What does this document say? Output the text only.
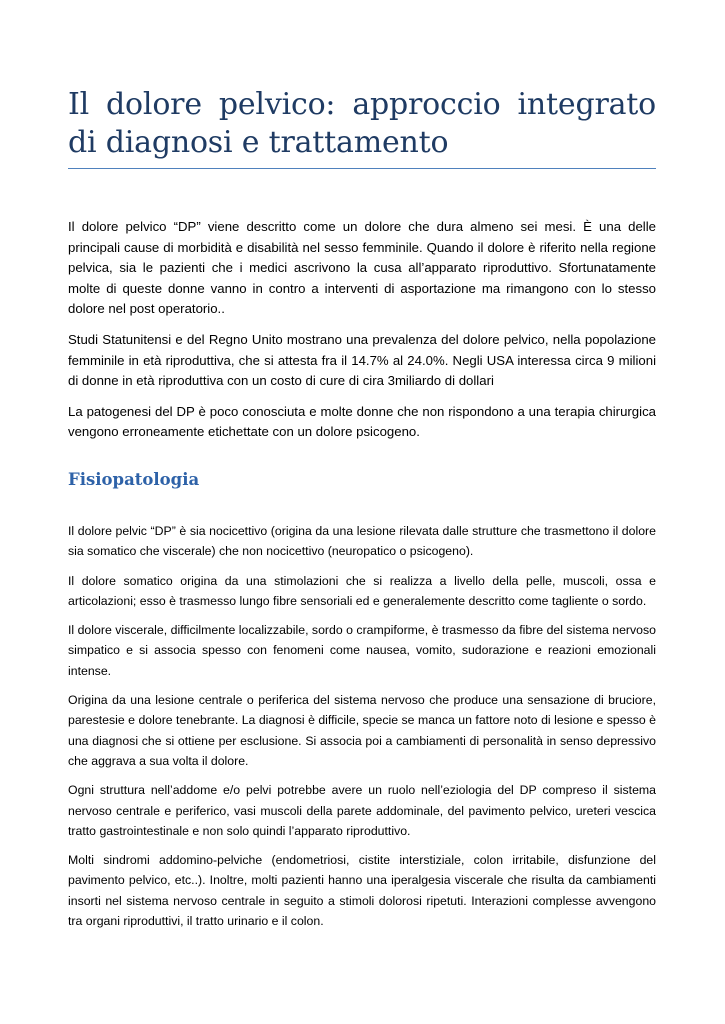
Il dolore pelvico: approccio integrato di diagnosi e trattamento

Il dolore pelvico “DP” viene descritto come un dolore che dura almeno sei mesi. È una delle principali cause di morbidità e disabilità nel sesso femminile. Quando il dolore è riferito nella regione pelvica, sia le pazienti che i medici ascrivono la cusa all’apparato riproduttivo. Sfortunatamente molte di queste donne vanno in contro a interventi di asportazione ma rimangono con lo stesso dolore nel post operatorio..

Studi Statunitensi e del Regno Unito mostrano una prevalenza del dolore pelvico, nella popolazione femminile in età riproduttiva, che si attesta fra il 14.7% al 24.0%. Negli USA interessa circa 9 milioni di donne in età riproduttiva con un costo di cure di cira 3miliardo di dollari

La patogenesi del DP è poco conosciuta e molte donne che non rispondono a una terapia chirurgica vengono erroneamente etichettate con un dolore psicogeno.

Fisiopatologia

Il dolore pelvic “DP” è sia nocicettivo (origina da una lesione rilevata dalle strutture che trasmettono il dolore sia somatico che viscerale) che non nocicettivo (neuropatico o psicogeno).

Il dolore somatico origina da una stimolazioni che si realizza a livello della pelle, muscoli, ossa e articolazioni; esso è trasmesso lungo fibre sensoriali ed e generalemente descritto come tagliente o sordo.

Il dolore viscerale, difficilmente localizzabile, sordo o crampiforme, è trasmesso da fibre del sistema nervoso simpatico e si associa spesso con fenomeni come nausea, vomito, sudorazione e reazioni emozionali intense.

Origina da una lesione centrale o periferica del sistema nervoso che produce una sensazione di bruciore, parestesie e dolore tenebrante. La diagnosi è difficile, specie se manca un fattore noto di lesione e spesso è una diagnosi che si ottiene per esclusione. Si associa poi a cambiamenti di personalità in senso depressivo che aggrava a sua volta il dolore.

Ogni struttura nell’addome e/o pelvi potrebbe avere un ruolo nell’eziologia del DP compreso il sistema nervoso centrale e periferico, vasi muscoli della parete addominale, del pavimento pelvico, ureteri vescica tratto gastrointestinale e non solo quindi l’apparato riproduttivo.

Molti sindromi addomino-pelviche (endometriosi, cistite interstiziale, colon irritabile, disfunzione del pavimento pelvico, etc..). Inoltre, molti pazienti hanno una iperalgesia viscerale che risulta da cambiamenti insorti nel sistema nervoso centrale in seguito a stimoli dolorosi ripetuti. Interazioni complesse avvengono tra organi riproduttivi, il tratto urinario e il colon.
